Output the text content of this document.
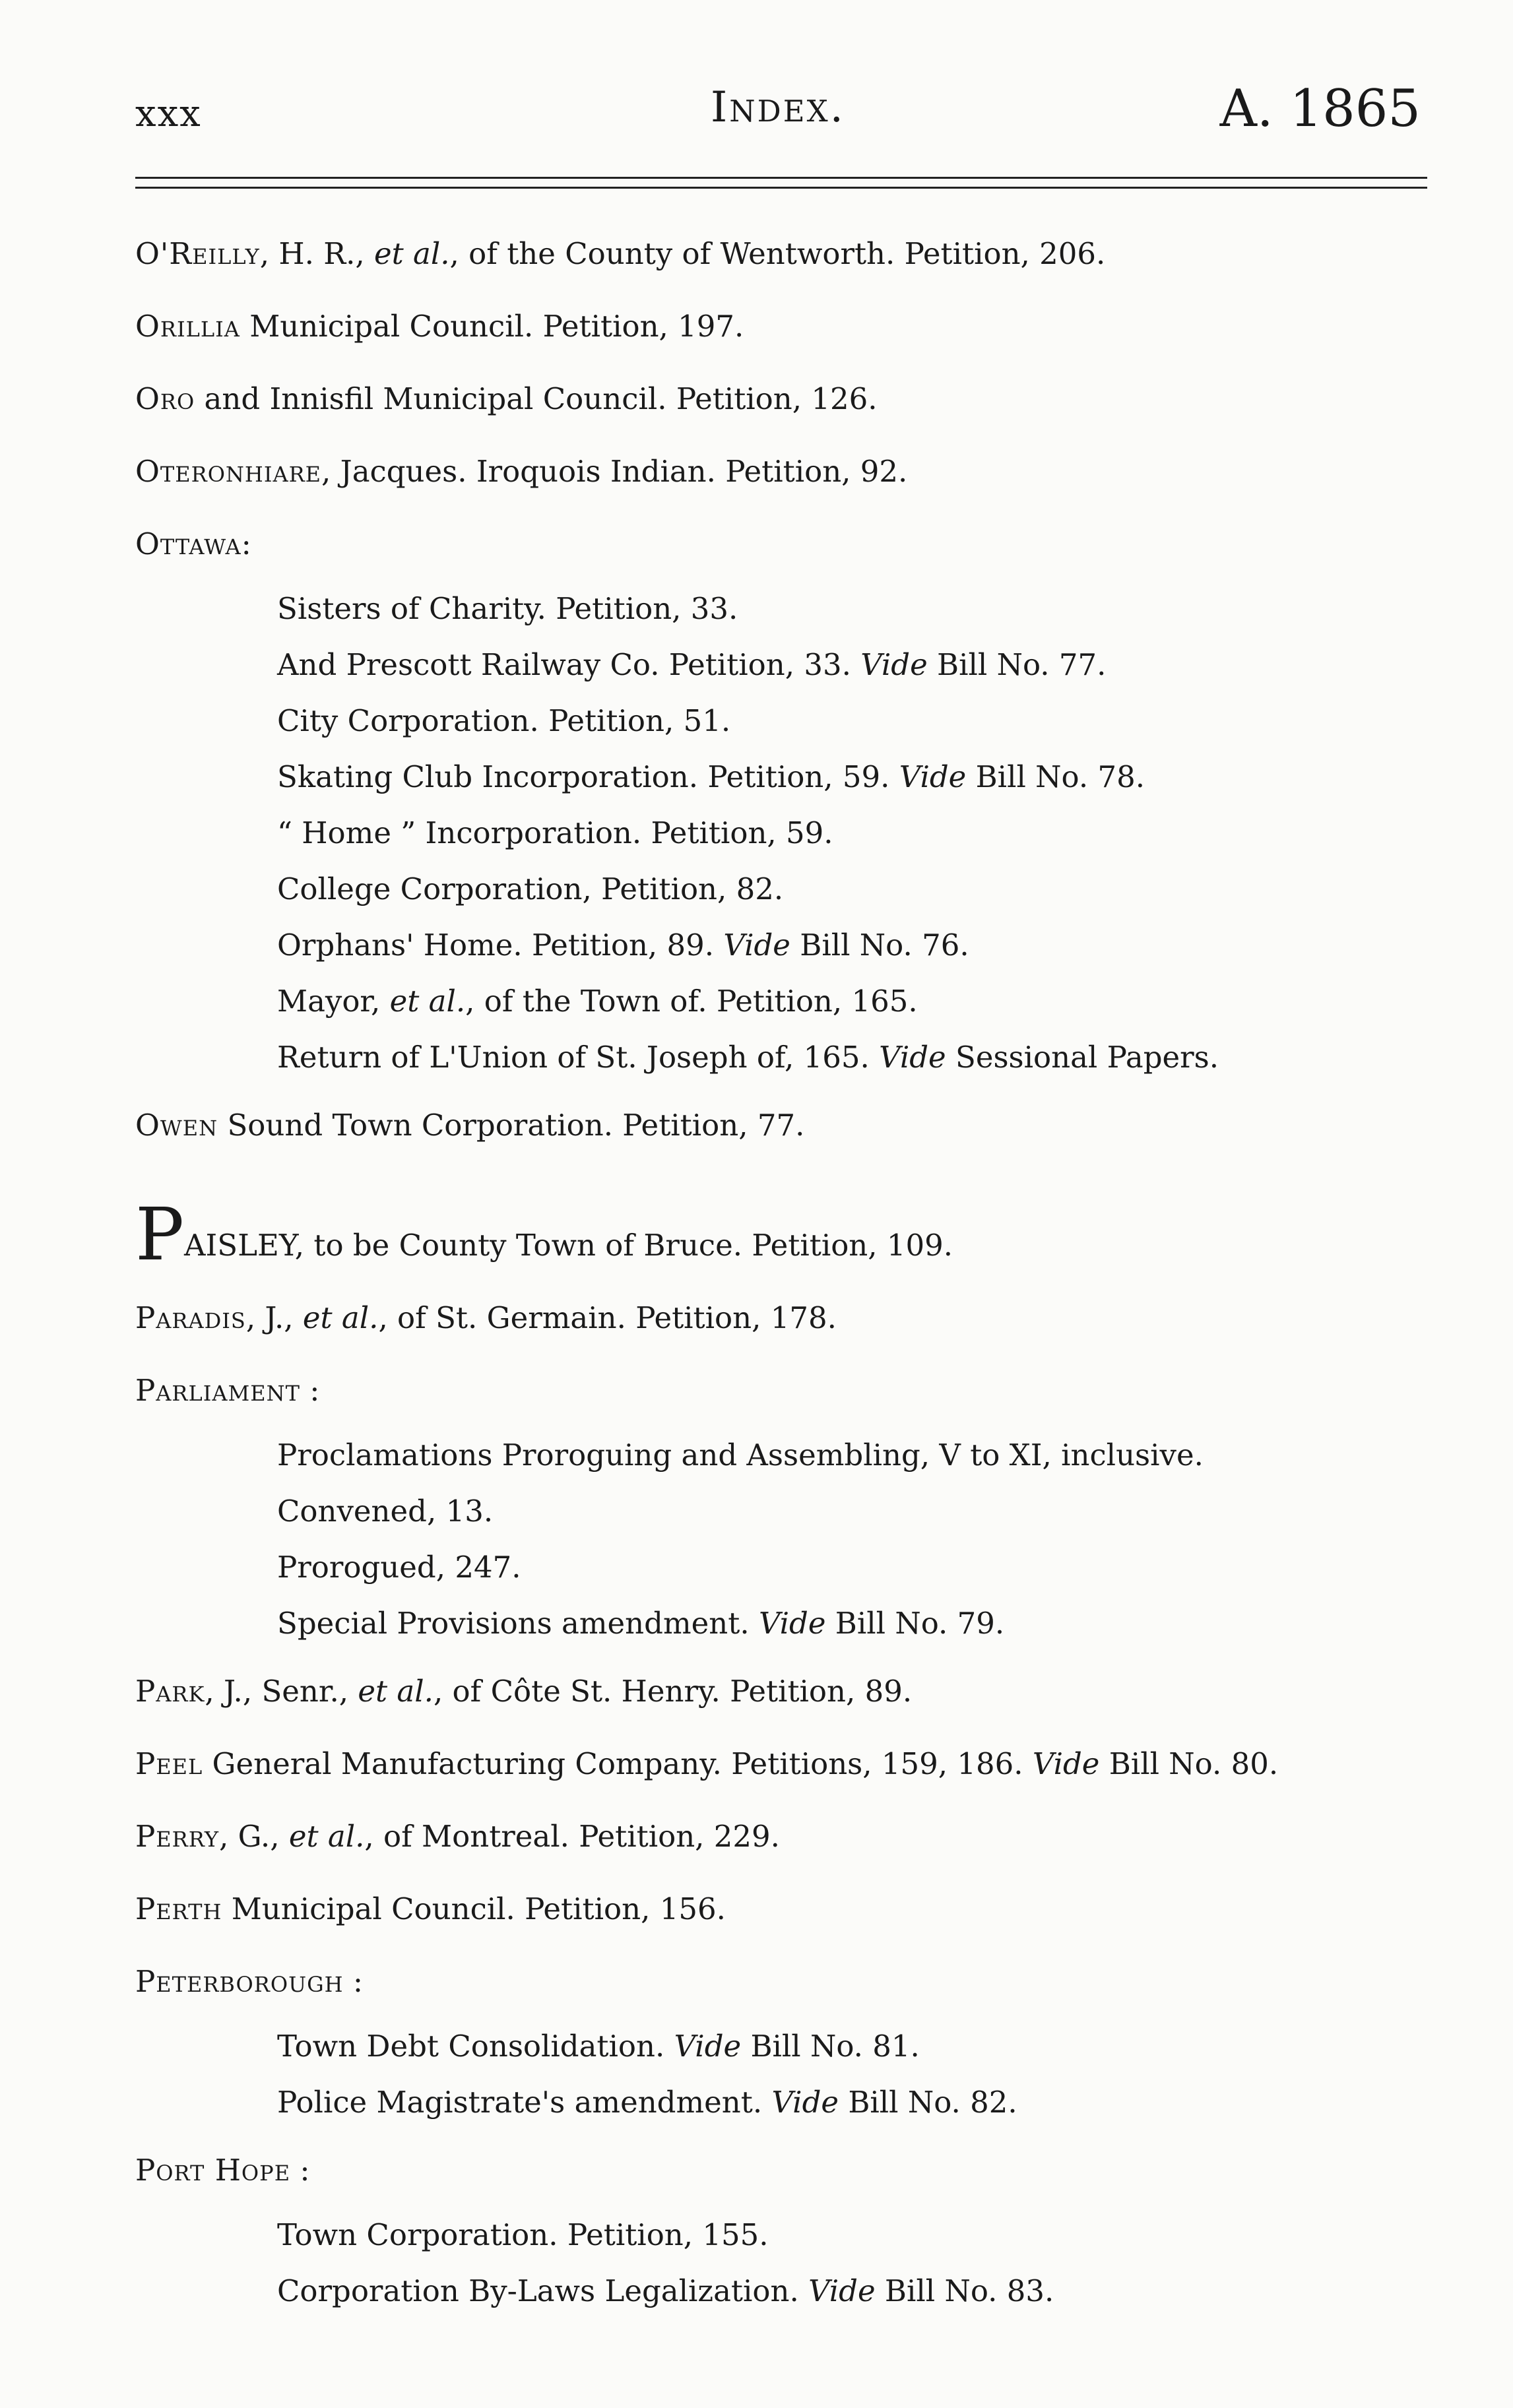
xxx	Index.	A. 1865
O'Reilly, H. R., et al., of the County of Wentworth. Petition, 206.
Orillia Municipal Council. Petition, 197.
Oro and Innisfil Municipal Council. Petition, 126.
Oteronhiare, Jacques. Iroquois Indian. Petition, 92.
Ottawa:
Sisters of Charity. Petition, 33.
And Prescott Railway Co. Petition, 33. Vide Bill No. 77.
City Corporation. Petition, 51.
Skating Club Incorporation. Petition, 59. Vide Bill No. 78.
“ Home ” Incorporation. Petition, 59.
College Corporation, Petition, 82.
Orphans' Home. Petition, 89. Vide Bill No. 76.
Mayor, et al., of the Town of. Petition, 165.
Return of L'Union of St. Joseph of, 165. Vide Sessional Papers.
Owen Sound Town Corporation. Petition, 77.
PAISLEY, to be County Town of Bruce. Petition, 109.
Paradis, J., et al., of St. Germain. Petition, 178.
Parliament :
Proclamations Proroguing and Assembling, V to XI, inclusive.
Convened, 13.
Prorogued, 247.
Special Provisions amendment. Vide Bill No. 79.
Park, J., Senr., et al., of Côte St. Henry. Petition, 89.
Peel General Manufacturing Company. Petitions, 159, 186. Vide Bill No. 80.
Perry, G., et al., of Montreal. Petition, 229.
Perth Municipal Council. Petition, 156.
Peterborough :
Town Debt Consolidation. Vide Bill No. 81.
Police Magistrate's amendment. Vide Bill No. 82.
Port Hope :
Town Corporation. Petition, 155.
Corporation By-Laws Legalization. Vide Bill No. 83.
